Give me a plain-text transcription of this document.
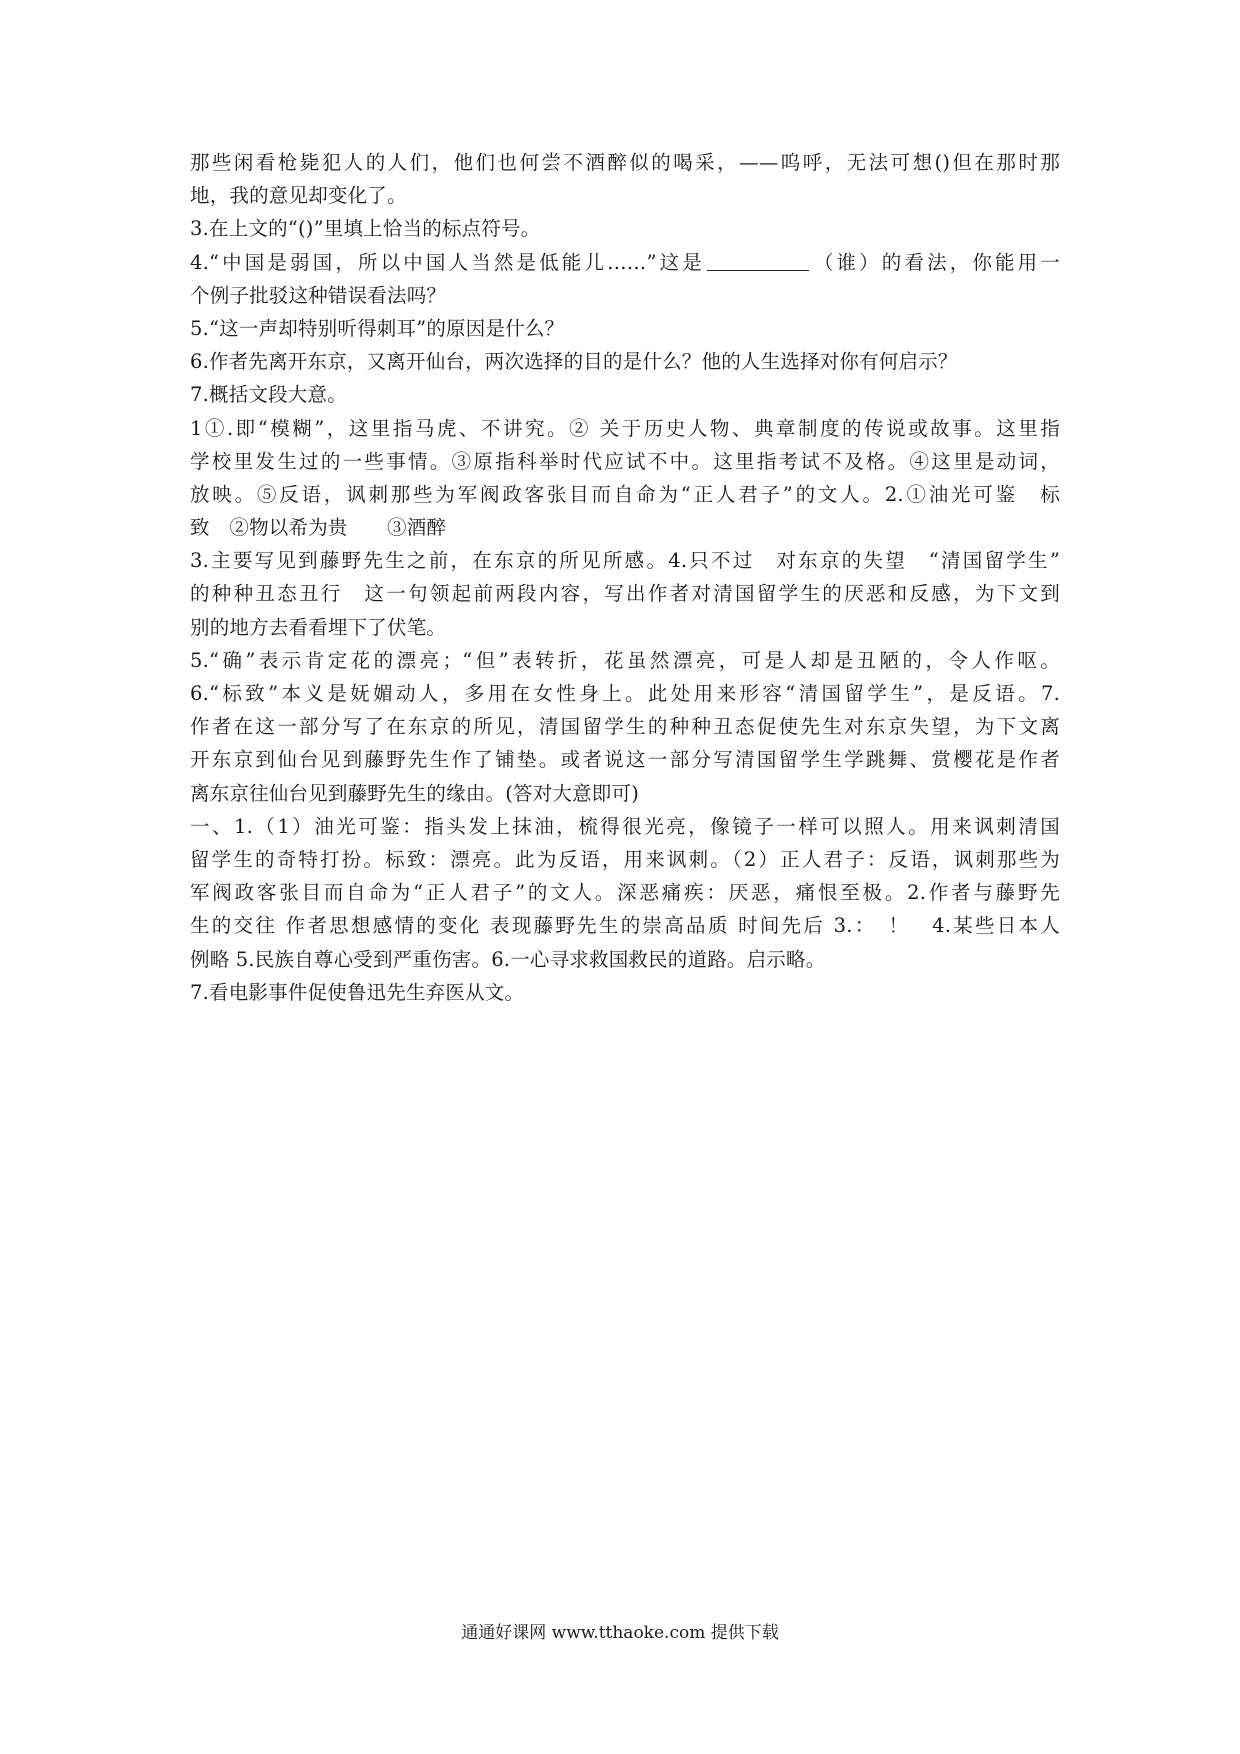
那些闲看枪毙犯人的人们，他们也何尝不酒醉似的喝采，——呜呼，无法可想()但在那时那
地，我的意见却变化了。
3.在上文的“()”里填上恰当的标点符号。
4.“中国是弱国，所以中国人当然是低能儿……”这是	（谁）的看法，你能用一
个例子批驳这种错误看法吗？
5.“这一声却特别听得刺耳”的原因是什么？
6.作者先离开东京，又离开仙台，两次选择的目的是什么？他的人生选择对你有何启示？
7.概括文段大意。
1①.即“模糊”，这里指马虎、不讲究。② 关于历史人物、典章制度的传说或故事。这里指
学校里发生过的一些事情。③原指科举时代应试不中。这里指考试不及格。④这里是动词，
放映。⑤反语，讽刺那些为军阀政客张目而自命为“正人君子”的文人。2.①油光可鉴　标
致　②物以希为贵　　③酒醉
3.主要写见到藤野先生之前，在东京的所见所感。4.只不过　对东京的失望　“清国留学生”
的种种丑态丑行　这一句领起前两段内容，写出作者对清国留学生的厌恶和反感，为下文到
别的地方去看看埋下了伏笔。
5.“确”表示肯定花的漂亮；“但”表转折，花虽然漂亮，可是人却是丑陋的，令人作呕。
6.“标致”本义是妩媚动人，多用在女性身上。此处用来形容“清国留学生”，是反语。7.
作者在这一部分写了在东京的所见，清国留学生的种种丑态促使先生对东京失望，为下文离
开东京到仙台见到藤野先生作了铺垫。或者说这一部分写清国留学生学跳舞、赏樱花是作者
离东京往仙台见到藤野先生的缘由。(答对大意即可)
一、1.（1）油光可鉴：指头发上抹油，梳得很光亮，像镜子一样可以照人。用来讽刺清国
留学生的奇特打扮。标致：漂亮。此为反语，用来讽刺。（2）正人君子：反语，讽刺那些为
军阀政客张目而自命为“正人君子”的文人。深恶痛疾：厌恶，痛恨至极。2.作者与藤野先
生的交往 作者思想感情的变化 表现藤野先生的崇高品质 时间先后 3.：　！　4.某些日本人
例略 5.民族自尊心受到严重伤害。6.一心寻求救国救民的道路。启示略。
7.看电影事件促使鲁迅先生弃医从文。
通通好课网 www.tthaoke.com 提供下载
